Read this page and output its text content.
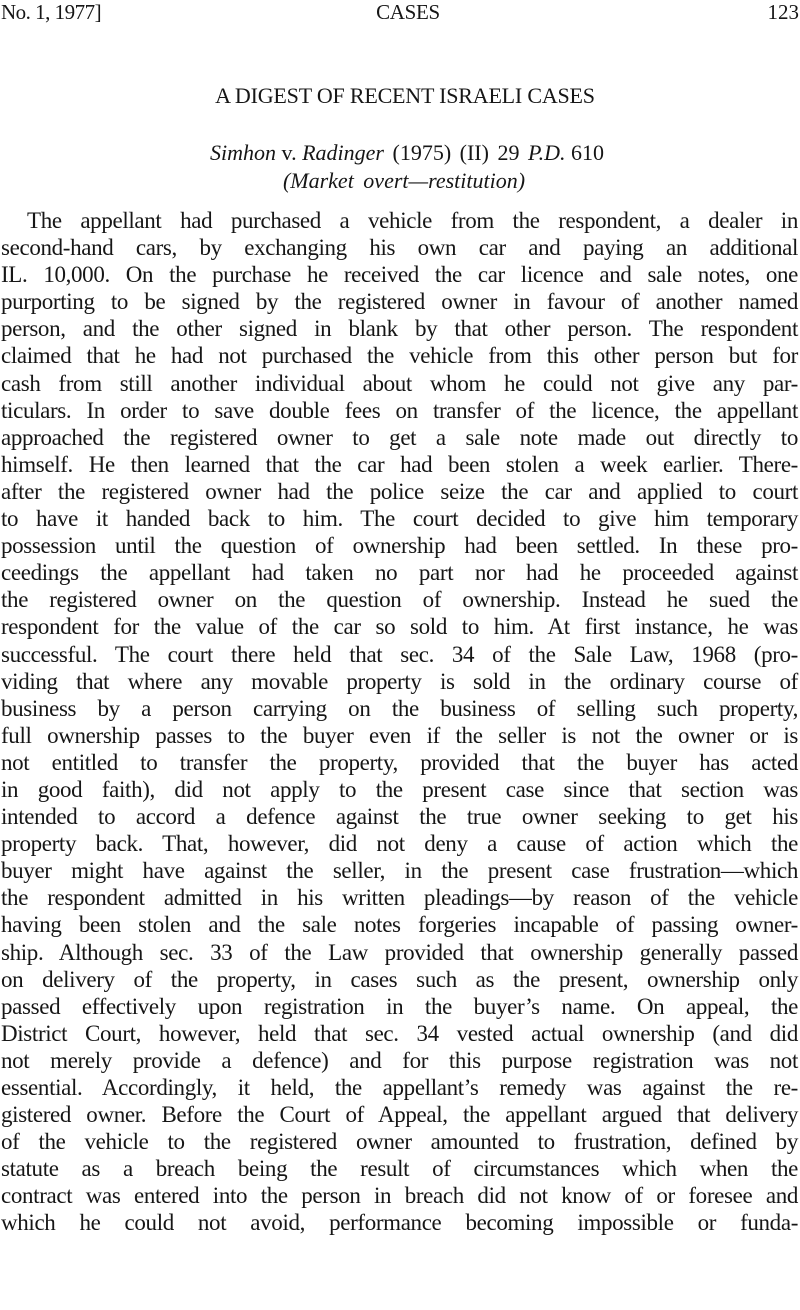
No. 1, 1977]	CASES	123
A DIGEST OF RECENT ISRAELI CASES
Simhon v. Radinger (1975) (II) 29 P.D. 610
(Market overt—restitution)
The appellant had purchased a vehicle from the respondent, a dealer in
second-hand cars, by exchanging his own car and paying an additional
IL. 10,000. On the purchase he received the car licence and sale notes, one
purporting to be signed by the registered owner in favour of another named
person, and the other signed in blank by that other person. The respondent
claimed that he had not purchased the vehicle from this other person but for
cash from still another individual about whom he could not give any par-
ticulars. In order to save double fees on transfer of the licence, the appellant
approached the registered owner to get a sale note made out directly to
himself. He then learned that the car had been stolen a week earlier. There-
after the registered owner had the police seize the car and applied to court
to have it handed back to him. The court decided to give him temporary
possession until the question of ownership had been settled. In these pro-
ceedings the appellant had taken no part nor had he proceeded against
the registered owner on the question of ownership. Instead he sued the
respondent for the value of the car so sold to him. At first instance, he was
successful. The court there held that sec. 34 of the Sale Law, 1968 (pro-
viding that where any movable property is sold in the ordinary course of
business by a person carrying on the business of selling such property,
full ownership passes to the buyer even if the seller is not the owner or is
not entitled to transfer the property, provided that the buyer has acted
in good faith), did not apply to the present case since that section was
intended to accord a defence against the true owner seeking to get his
property back. That, however, did not deny a cause of action which the
buyer might have against the seller, in the present case frustration—which
the respondent admitted in his written pleadings—by reason of the vehicle
having been stolen and the sale notes forgeries incapable of passing owner-
ship. Although sec. 33 of the Law provided that ownership generally passed
on delivery of the property, in cases such as the present, ownership only
passed effectively upon registration in the buyer’s name. On appeal, the
District Court, however, held that sec. 34 vested actual ownership (and did
not merely provide a defence) and for this purpose registration was not
essential. Accordingly, it held, the appellant’s remedy was against the re-
gistered owner. Before the Court of Appeal, the appellant argued that delivery
of the vehicle to the registered owner amounted to frustration, defined by
statute as a breach being the result of circumstances which when the
contract was entered into the person in breach did not know of or foresee and
which he could not avoid, performance becoming impossible or funda-
